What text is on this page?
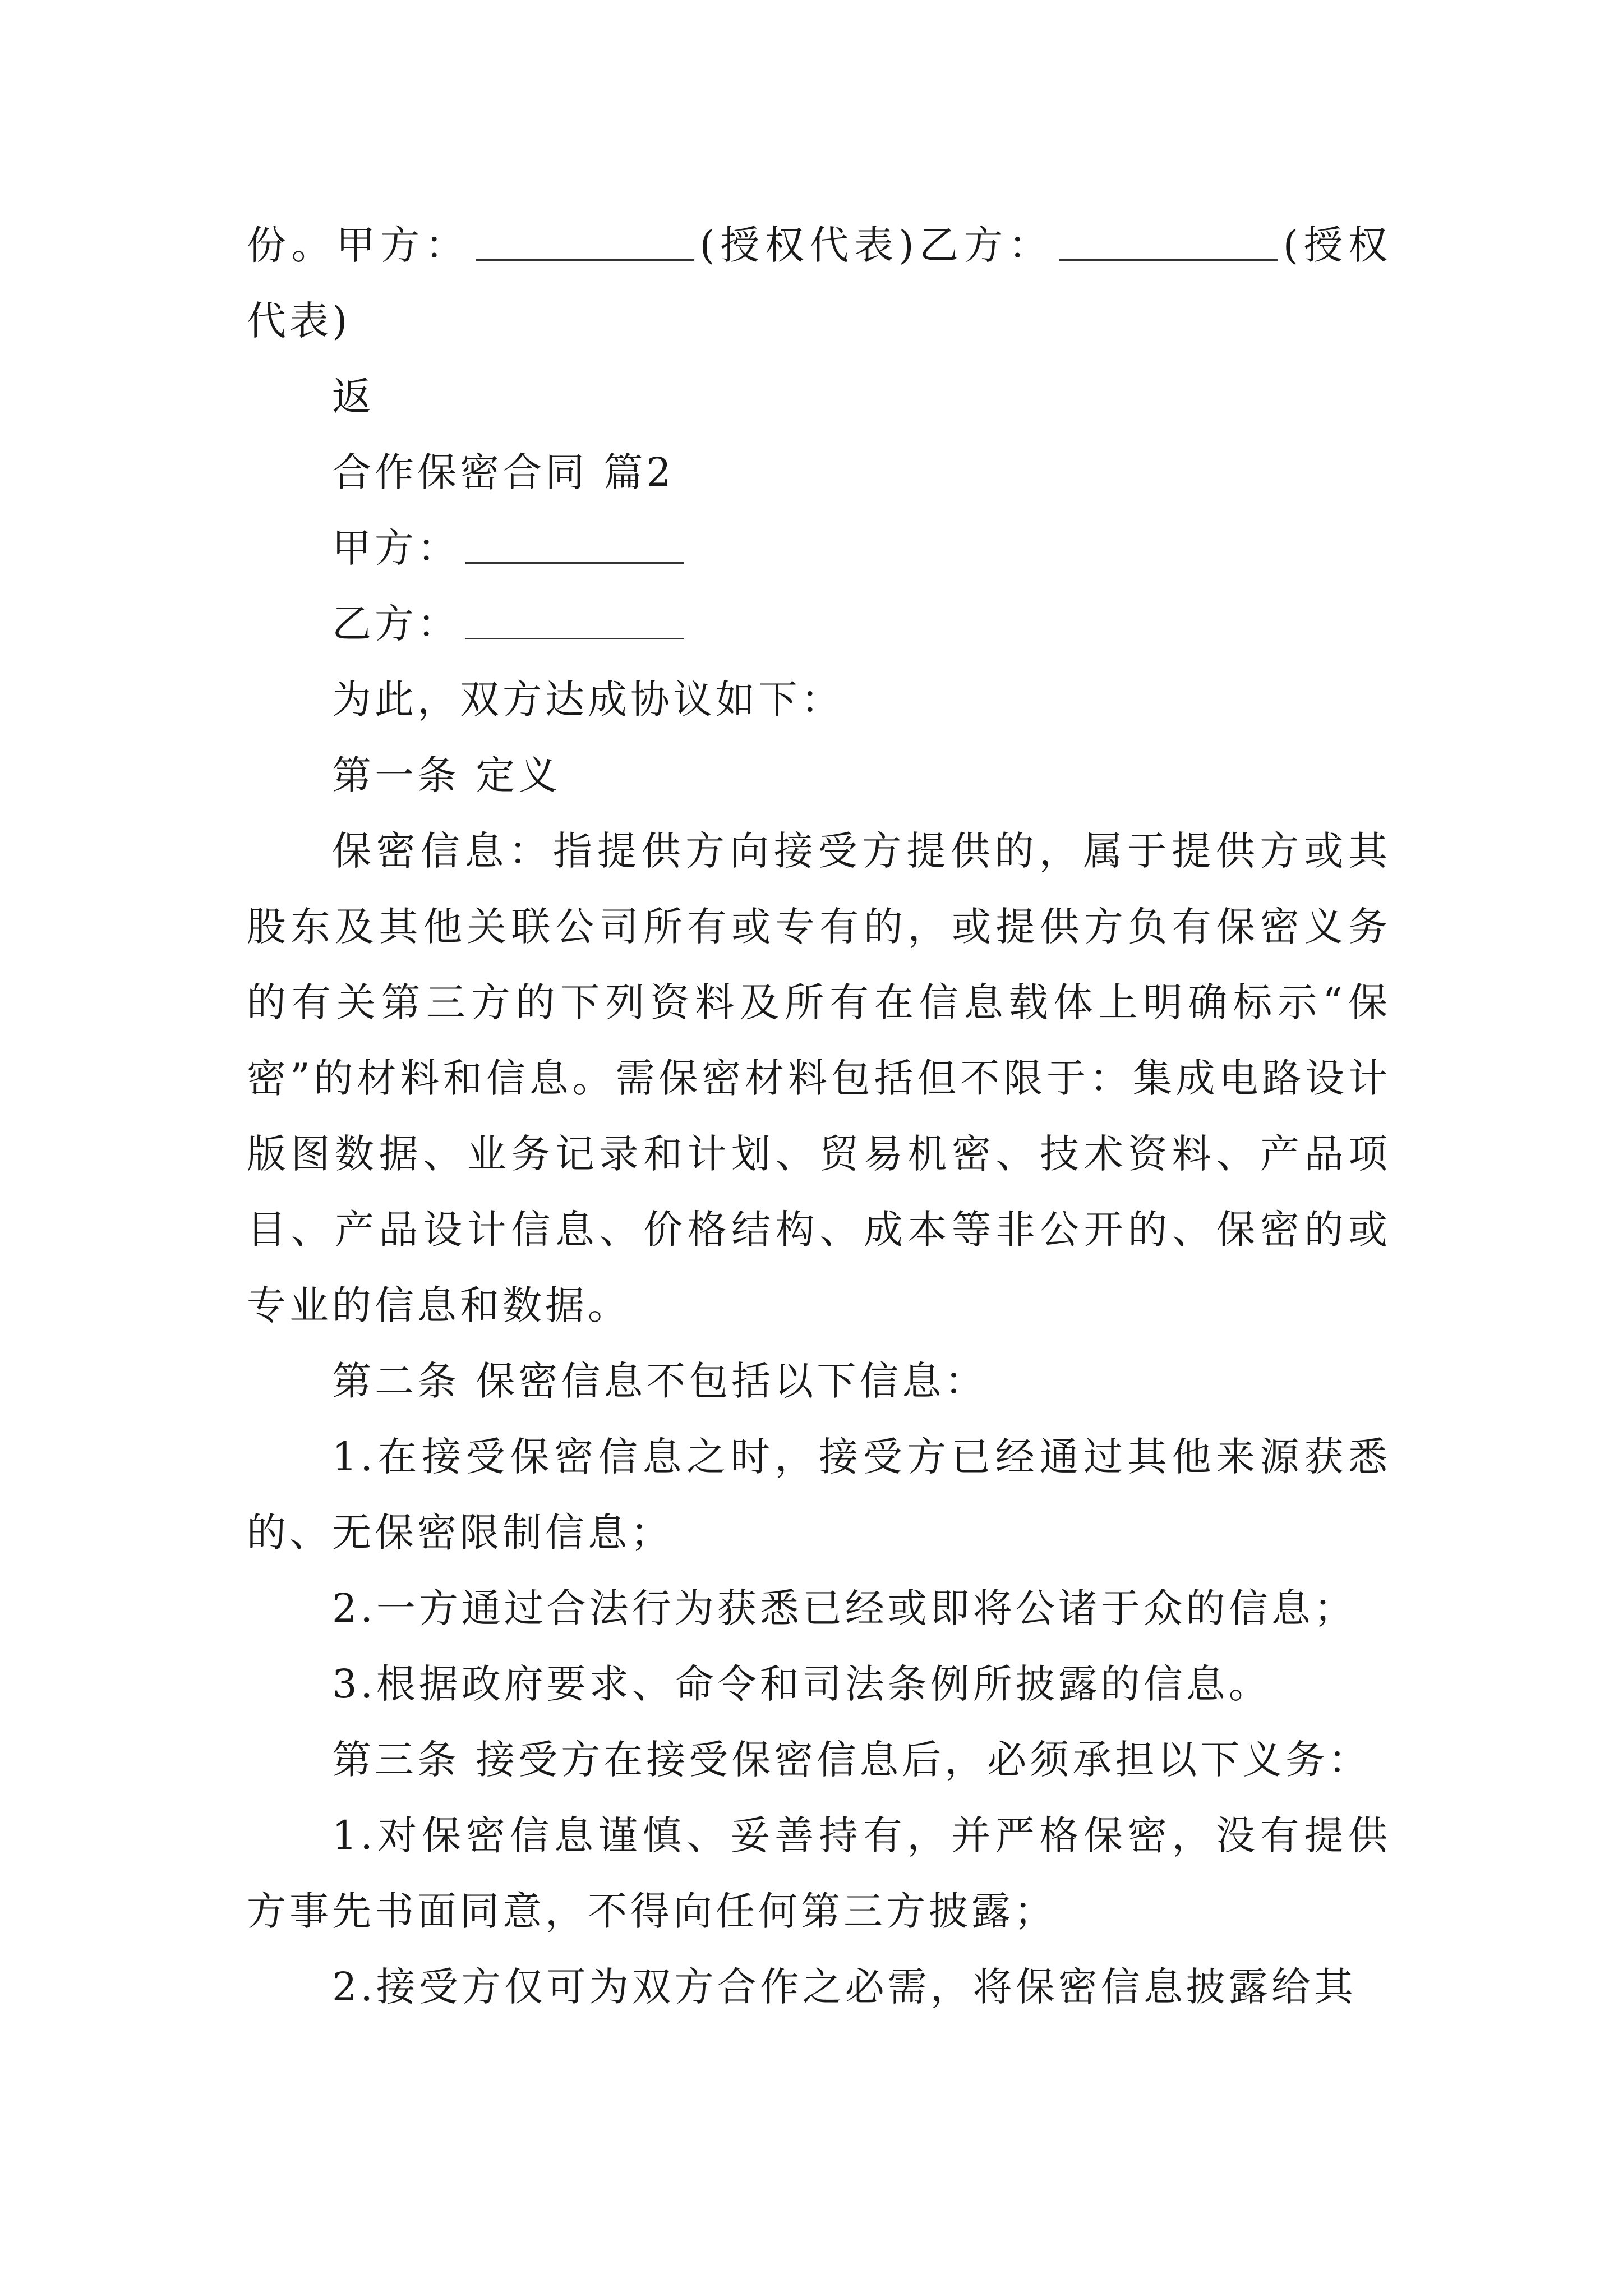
份。甲方：	(授权代表)乙方：	(授权代表)

返

合作保密合同 篇2

甲方：

乙方：

为此，双方达成协议如下：

第一条 定义

保密信息：指提供方向接受方提供的，属于提供方或其股东及其他关联公司所有或专有的，或提供方负有保密义务的有关第三方的下列资料及所有在信息载体上明确标示“保密”的材料和信息。需保密材料包括但不限于：集成电路设计版图数据、业务记录和计划、贸易机密、技术资料、产品项目、产品设计信息、价格结构、成本等非公开的、保密的或专业的信息和数据。

第二条 保密信息不包括以下信息：

1.在接受保密信息之时，接受方已经通过其他来源获悉的、无保密限制信息；

2.一方通过合法行为获悉已经或即将公诸于众的信息；

3.根据政府要求、命令和司法条例所披露的信息。

第三条 接受方在接受保密信息后，必须承担以下义务：

1.对保密信息谨慎、妥善持有，并严格保密，没有提供方事先书面同意，不得向任何第三方披露；

2.接受方仅可为双方合作之必需，将保密信息披露给其
